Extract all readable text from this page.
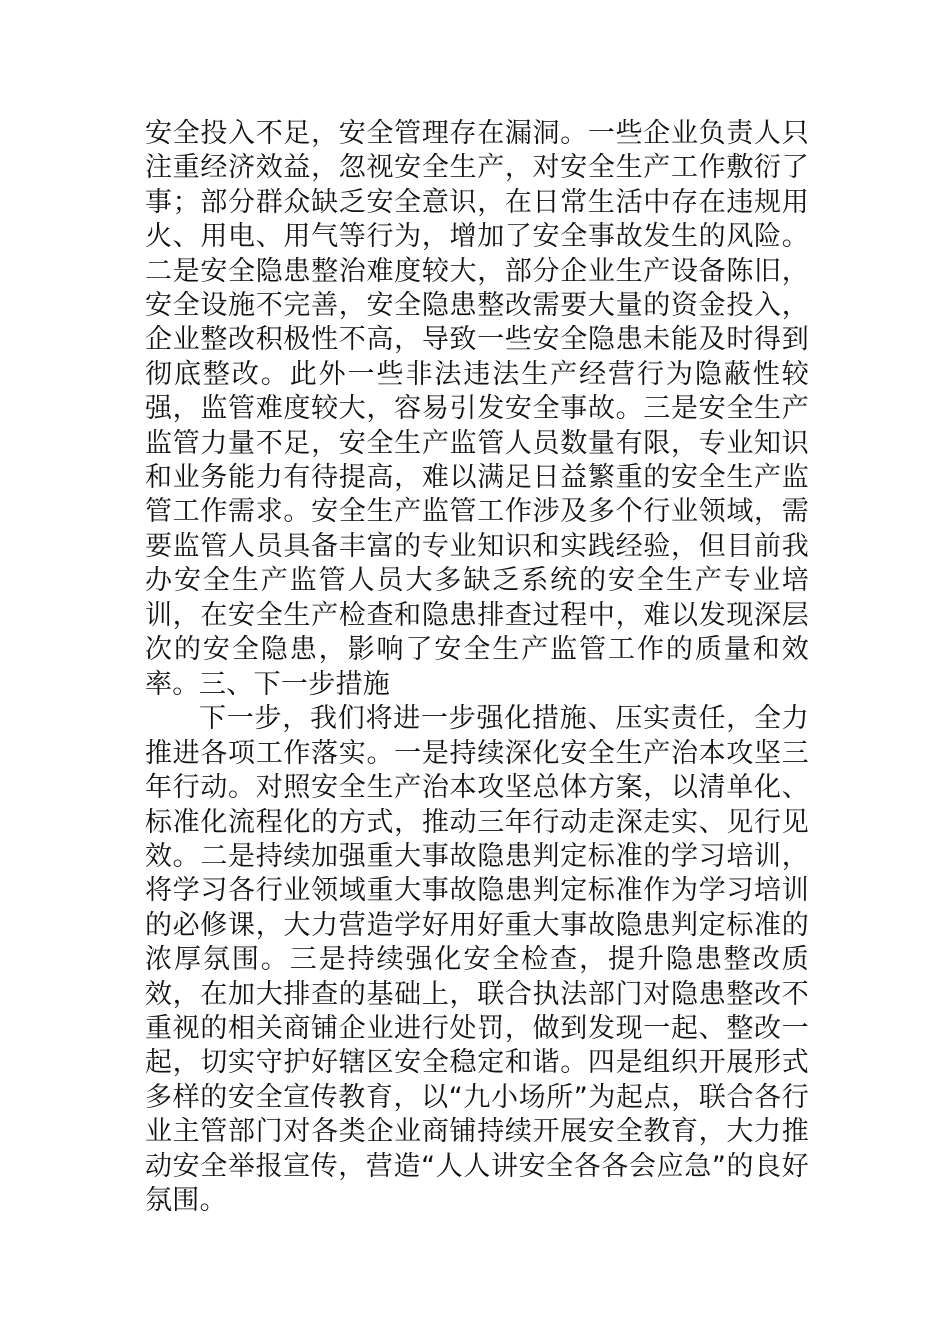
安全投入不足，安全管理存在漏洞。一些企业负责人只注重经济效益，忽视安全生产，对安全生产工作敷衍了事；部分群众缺乏安全意识，在日常生活中存在违规用火、用电、用气等行为，增加了安全事故发生的风险。二是安全隐患整治难度较大，部分企业生产设备陈旧，安全设施不完善，安全隐患整改需要大量的资金投入，企业整改积极性不高，导致一些安全隐患未能及时得到彻底整改。此外一些非法违法生产经营行为隐蔽性较强，监管难度较大，容易引发安全事故。三是安全生产监管力量不足，安全生产监管人员数量有限，专业知识和业务能力有待提高，难以满足日益繁重的安全生产监管工作需求。安全生产监管工作涉及多个行业领域，需要监管人员具备丰富的专业知识和实践经验，但目前我办安全生产监管人员大多缺乏系统的安全生产专业培训，在安全生产检查和隐患排查过程中，难以发现深层次的安全隐患，影响了安全生产监管工作的质量和效率。 三、下一步措施

下一步，我们将进一步强化措施、压实责任，全力推进各项工作落实。一是持续深化安全生产治本攻坚三年行动。对照安全生产治本攻坚总体方案，以清单化、标准化流程化的方式，推动三年行动走深走实、见行见效。二是持续加强重大事故隐患判定标准的学习培训，将学习各行业领域重大事故隐患判定标准作为学习培训的必修课，大力营造学好用好重大事故隐患判定标准的浓厚氛围。三是持续强化安全检查，提升隐患整改质效，在加大排查的基础上，联合执法部门对隐患整改不重视的相关商铺企业进行处罚，做到发现一起、整改一起，切实守护好辖区安全稳定和谐。四是组织开展形式多样的安全宣传教育，以“九小场所”为起点，联合各行业主管部门对各类企业商铺持续开展安全教育，大力推动安全举报宣传，营造“人人讲安全各各会应急”的良好氛围。
